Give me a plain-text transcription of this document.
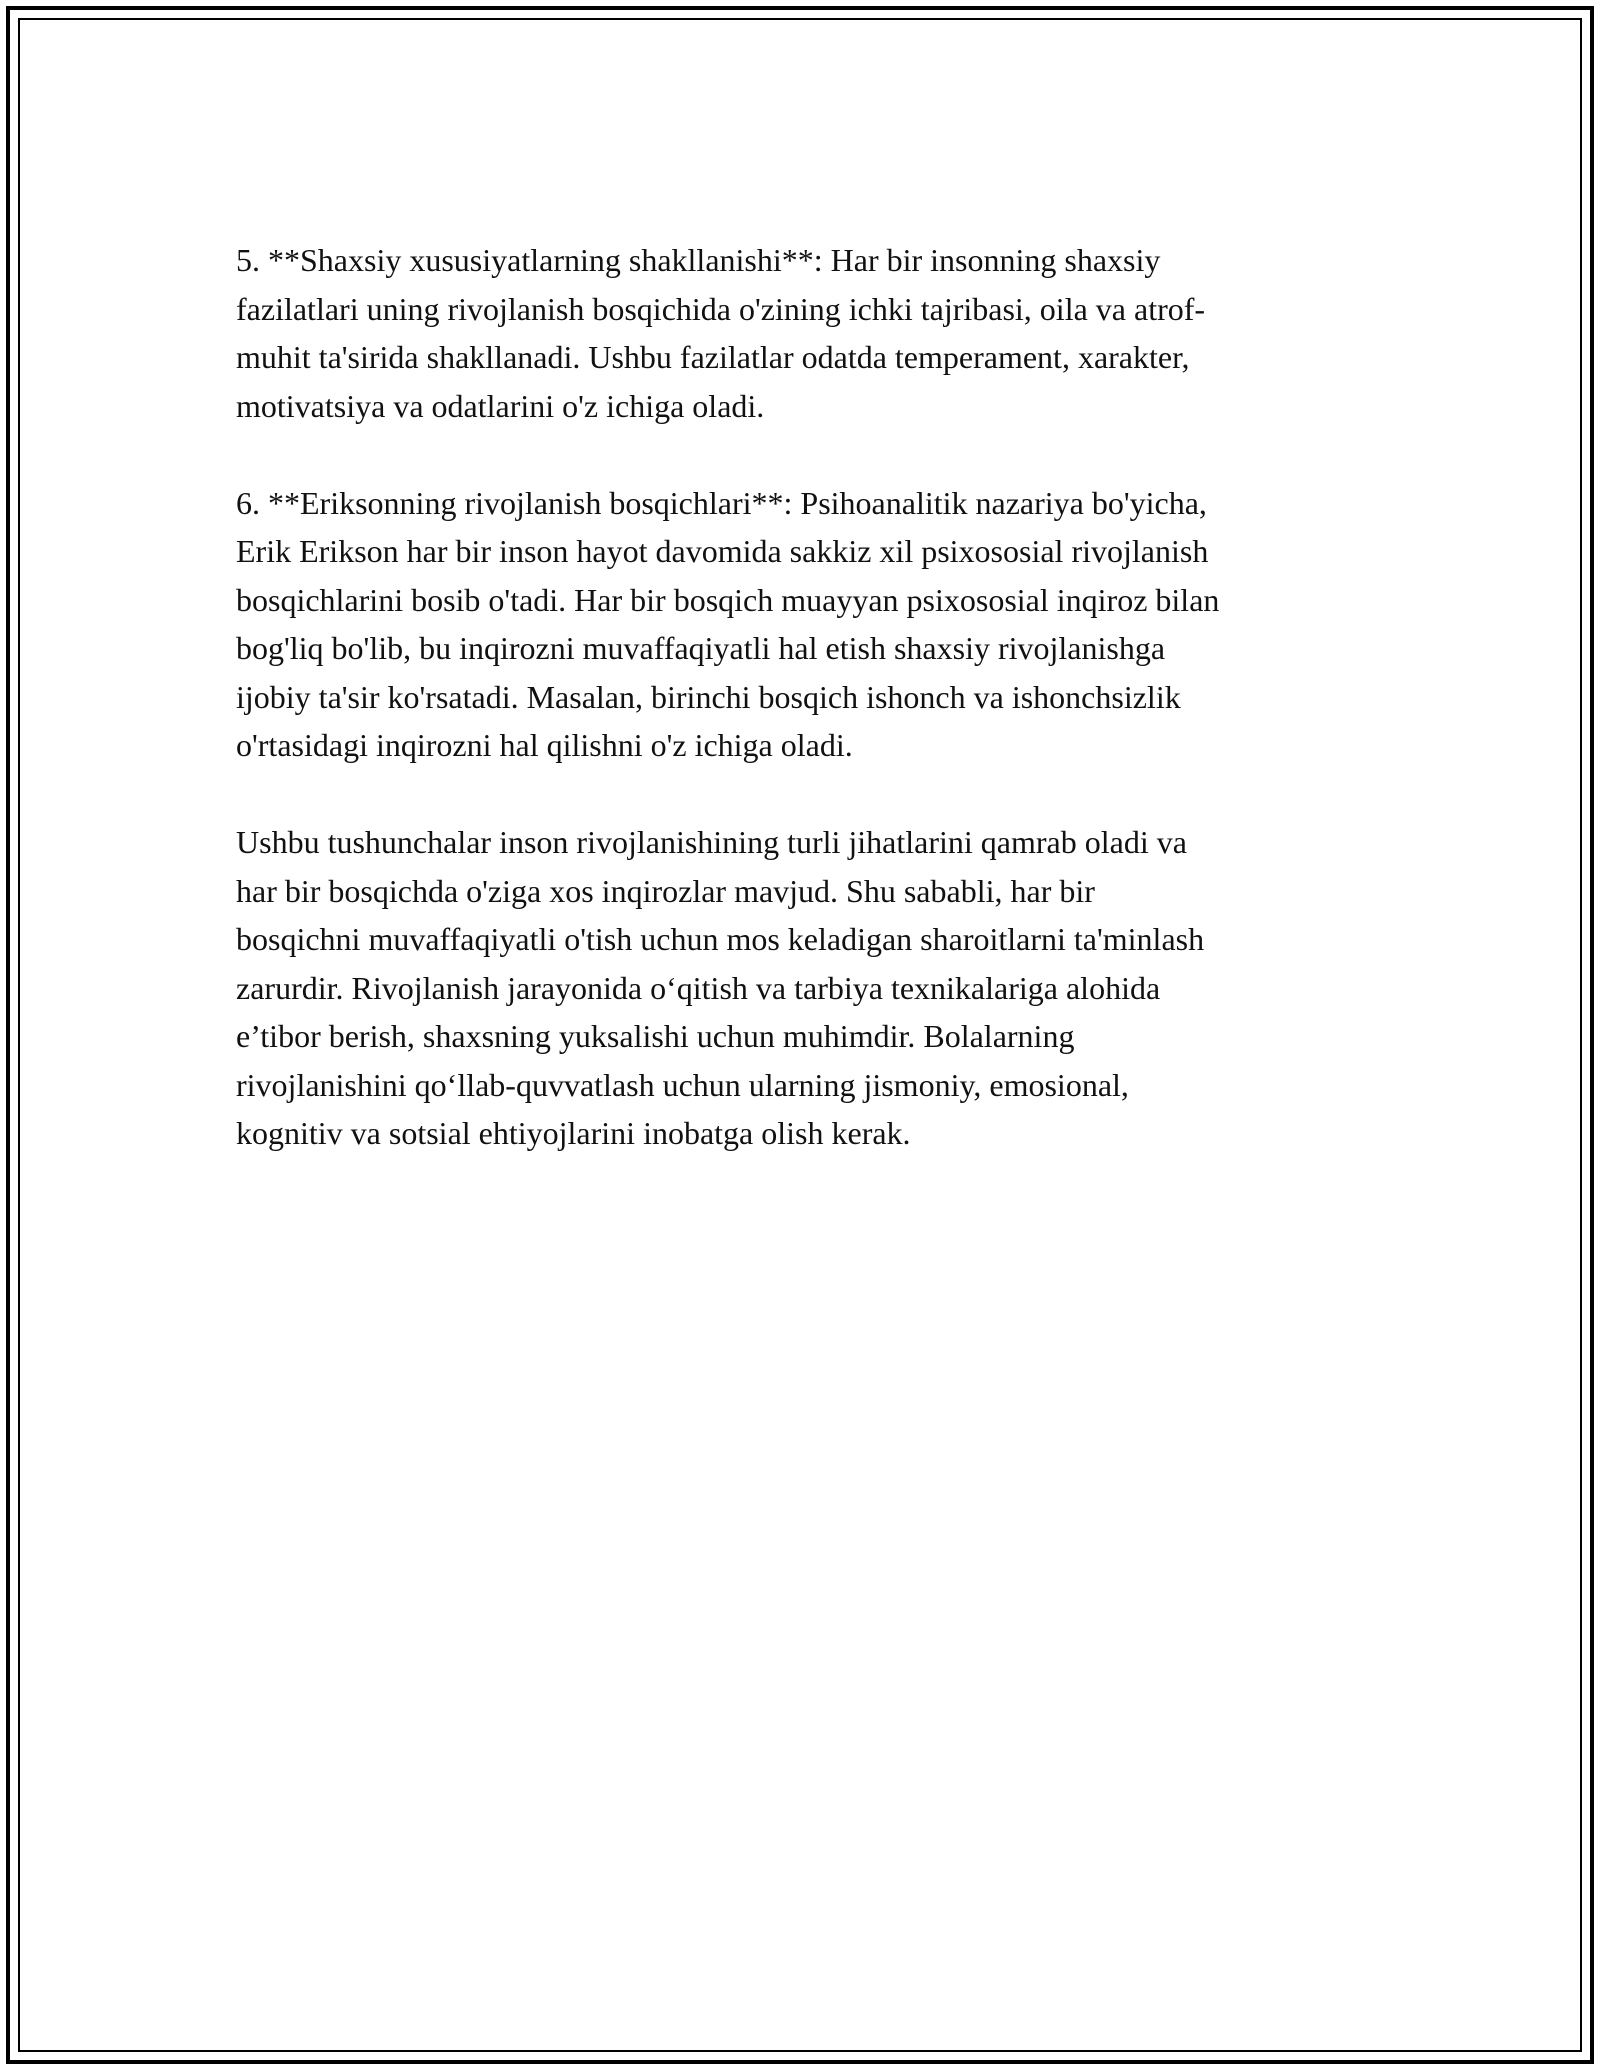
5. **Shaxsiy xususiyatlarning shakllanishi**: Har bir insonning shaxsiy
fazilatlari uning rivojlanish bosqichida o'zining ichki tajribasi, oila va atrof-
muhit ta'sirida shakllanadi. Ushbu fazilatlar odatda temperament, xarakter,
motivatsiya va odatlarini o'z ichiga oladi.

6. **Eriksonning rivojlanish bosqichlari**: Psihoanalitik nazariya bo'yicha,
Erik Erikson har bir inson hayot davomida sakkiz xil psixososial rivojlanish
bosqichlarini bosib o'tadi. Har bir bosqich muayyan psixososial inqiroz bilan
bog'liq bo'lib, bu inqirozni muvaffaqiyatli hal etish shaxsiy rivojlanishga
ijobiy ta'sir ko'rsatadi. Masalan, birinchi bosqich ishonch va ishonchsizlik
o'rtasidagi inqirozni hal qilishni o'z ichiga oladi.

Ushbu tushunchalar inson rivojlanishining turli jihatlarini qamrab oladi va
har bir bosqichda o'ziga xos inqirozlar mavjud. Shu sababli, har bir
bosqichni muvaffaqiyatli o'tish uchun mos keladigan sharoitlarni ta'minlash
zarurdir. Rivojlanish jarayonida o‘qitish va tarbiya texnikalariga alohida
e’tibor berish, shaxsning yuksalishi uchun muhimdir. Bolalarning
rivojlanishini qo‘llab-quvvatlash uchun ularning jismoniy, emosional,
kognitiv va sotsial ehtiyojlarini inobatga olish kerak.
